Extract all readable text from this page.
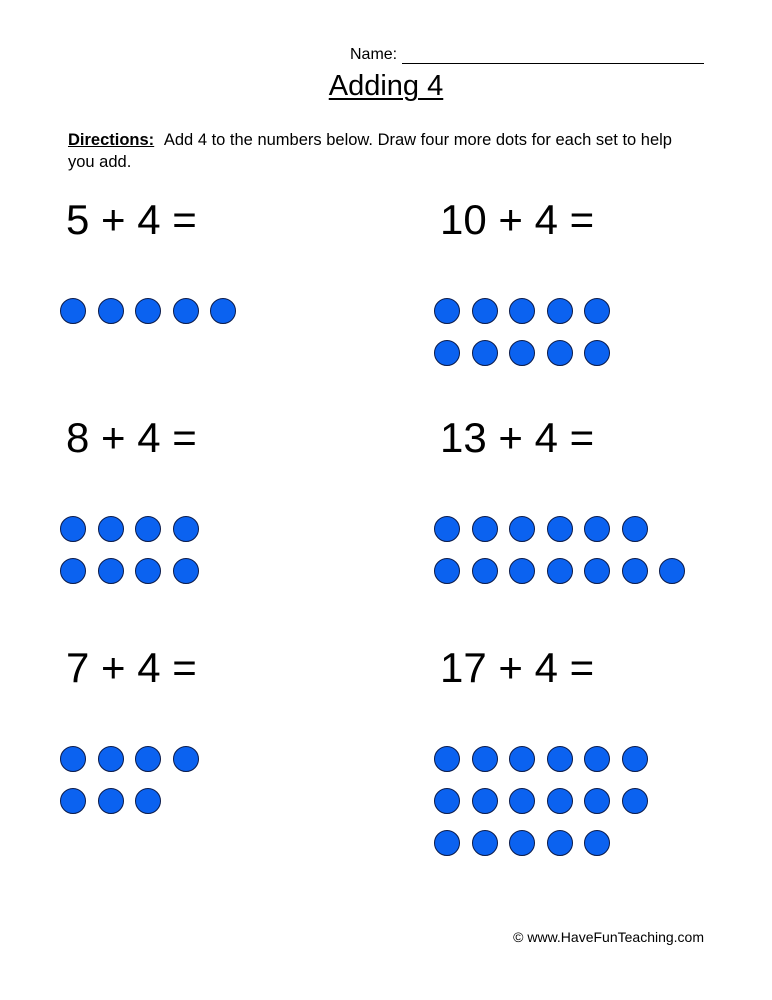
Name:
Adding 4
Directions: Add 4 to the numbers below. Draw four more dots for each set to help you add.
5 + 4 =	10 + 4 =
8 + 4 =	13 + 4 =
7 + 4 =	17 + 4 =
© www.HaveFunTeaching.com
